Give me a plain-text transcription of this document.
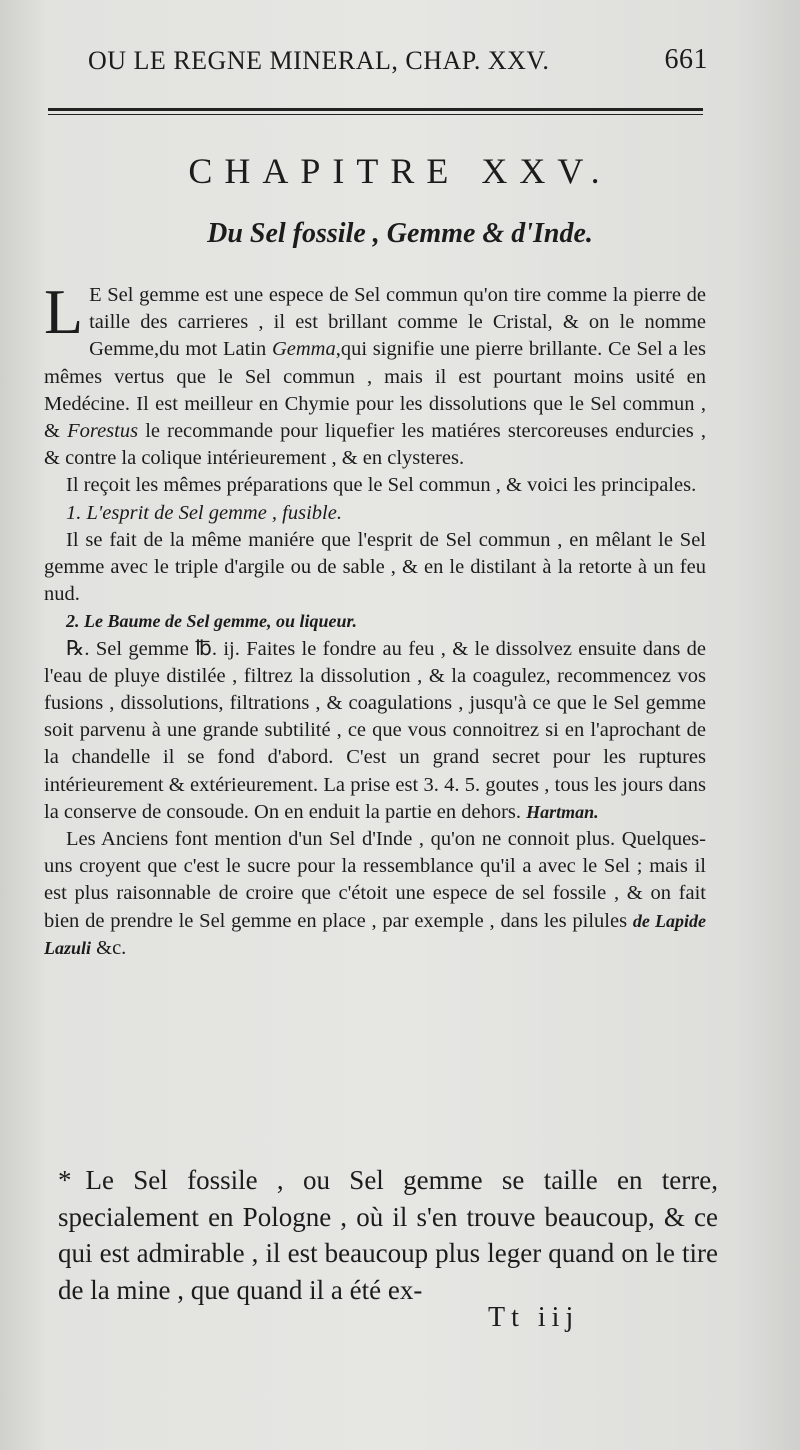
OU LE REGNE MINERAL, CHAP. XXV.	661
CHAPITRE XXV.
Du Sel fossile , Gemme & d'Inde.

L E Sel gemme est une espece de Sel commun qu'on tire comme la pierre de taille des carrieres , il est brillant comme le Cristal, & on le nomme Gemme,du mot Latin Gemma,qui signifie une pierre brillante. Ce Sel a les mêmes vertus que le Sel commun , mais il est pourtant moins usité en Medécine. Il est meilleur en Chymie pour les dissolutions que le Sel commun , & Forestus le recommande pour liquefier les matiéres stercoreuses endurcies , & contre la colique intérieurement , & en clysteres.

Il reçoit les mêmes préparations que le Sel commun , & voici les principales.

1. L'esprit de Sel gemme , fusible.

Il se fait de la même maniére que l'esprit de Sel commun , en mêlant le Sel gemme avec le triple d'argile ou de sable , & en le distilant à la retorte à un feu nud.

2. Le Baume de Sel gemme, ou liqueur.

℞. Sel gemme ℔. ij. Faites le fondre au feu , & le dissolvez ensuite dans de l'eau de pluye distilée , filtrez la dissolution , & la coagulez, recommencez vos fusions , dissolutions, filtrations , & coagulations , jusqu'à ce que le Sel gemme soit parvenu à une grande subtilité , ce que vous connoitrez si en l'aprochant de la chandelle il se fond d'abord. C'est un grand secret pour les ruptures intérieurement & extérieurement. La prise est 3. 4. 5. goutes , tous les jours dans la conserve de consoude. On en enduit la partie en dehors. Hartman.

Les Anciens font mention d'un Sel d'Inde , qu'on ne connoit plus. Quelques-uns croyent que c'est le sucre pour la ressemblance qu'il a avec le Sel ; mais il est plus raisonnable de croire que c'étoit une espece de sel fossile , & on fait bien de prendre le Sel gemme en place , par exemple , dans les pilules de Lapide Lazuli &c.

* Le Sel fossile , ou Sel gemme se taille en terre, specialement en Pologne , où il s'en trouve beaucoup, & ce qui est admirable , il est beaucoup plus leger quand on le tire de la mine , que quand il a été ex-
Tt iij
